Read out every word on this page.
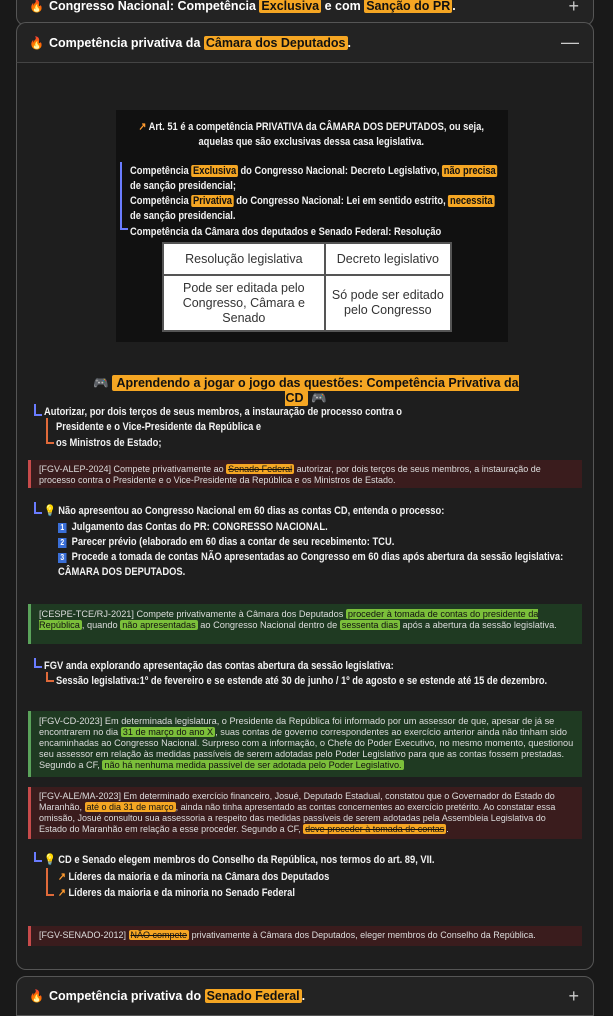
🔥 Congresso Nacional: Competência Exclusiva e com Sanção do PR .	+
🔥 Competência privativa da Câmara dos Deputados .	—
↗ Art. 51 é a competência PRIVATIVA da CÂMARA DOS DEPUTADOS, ou seja, aquelas que são exclusivas dessa casa legislativa.
Competência Exclusiva do Congresso Nacional: Decreto Legislativo, não precisa de sanção presidencial;
Competência Privativa do Congresso Nacional: Lei em sentido estrito, necessita de sanção presidencial.
Competência da Câmara dos deputados e Senado Federal: Resolução
Resolução legislativa	Decreto legislativo
Pode ser editada pelo Congresso, Câmara e Senado	Só pode ser editado pelo Congresso
🎮 Aprendendo a jogar o jogo das questões: Competência Privativa da CD 🎮
Autorizar, por dois terços de seus membros, a instauração de processo contra o
Presidente e o Vice-Presidente da República e
os Ministros de Estado;
[FGV-ALEP-2024] Compete privativamente ao Senado Federal autorizar, por dois terços de seus membros, a instauração de processo contra o Presidente e o Vice-Presidente da República e os Ministros de Estado.
💡 Não apresentou ao Congresso Nacional em 60 dias as contas CD, entenda o processo:
1 Julgamento das Contas do PR: CONGRESSO NACIONAL.
2 Parecer prévio (elaborado em 60 dias a contar de seu recebimento: TCU.
3 Procede a tomada de contas NÃO apresentadas ao Congresso em 60 dias após abertura da sessão legislativa: CÂMARA DOS DEPUTADOS.
[CESPE-TCE/RJ-2021] Compete privativamente à Câmara dos Deputados proceder à tomada de contas do presidente da República , quando não apresentadas ao Congresso Nacional dentro de sessenta dias após a abertura da sessão legislativa.
FGV anda explorando apresentação das contas abertura da sessão legislativa:
Sessão legislativa:1º de fevereiro e se estende até 30 de junho / 1º de agosto e se estende até 15 de dezembro.
[FGV-CD-2023] Em determinada legislatura, o Presidente da República foi informado por um assessor de que, apesar de já se encontrarem no dia 31 de março do ano X , suas contas de governo correspondentes ao exercício anterior ainda não tinham sido encaminhadas ao Congresso Nacional. Surpreso com a informação, o Chefe do Poder Executivo, no mesmo momento, questionou seu assessor em relação às medidas passíveis de serem adotadas pelo Poder Legislativo para que as contas fossem prestadas. Segundo a CF, não há nenhuma medida passível de ser adotada pelo Poder Legislativo.
[FGV-ALE/MA-2023] Em determinado exercício financeiro, Josué, Deputado Estadual, constatou que o Governador do Estado do Maranhão, até o dia 31 de março , ainda não tinha apresentado as contas concernentes ao exercício pretérito. Ao constatar essa omissão, Josué consultou sua assessoria a respeito das medidas passíveis de serem adotadas pela Assembleia Legislativa do Estado do Maranhão em relação a esse proceder. Segundo a CF, deve proceder à tomada de contas .
💡 CD e Senado elegem membros do Conselho da República, nos termos do art. 89, VII.
↗ Líderes da maioria e da minoria na Câmara dos Deputados
↗ Líderes da maioria e da minoria no Senado Federal
[FGV-SENADO-2012] NÃO compete privativamente à Câmara dos Deputados, eleger membros do Conselho da República.
🔥 Competência privativa do Senado Federal .	+
